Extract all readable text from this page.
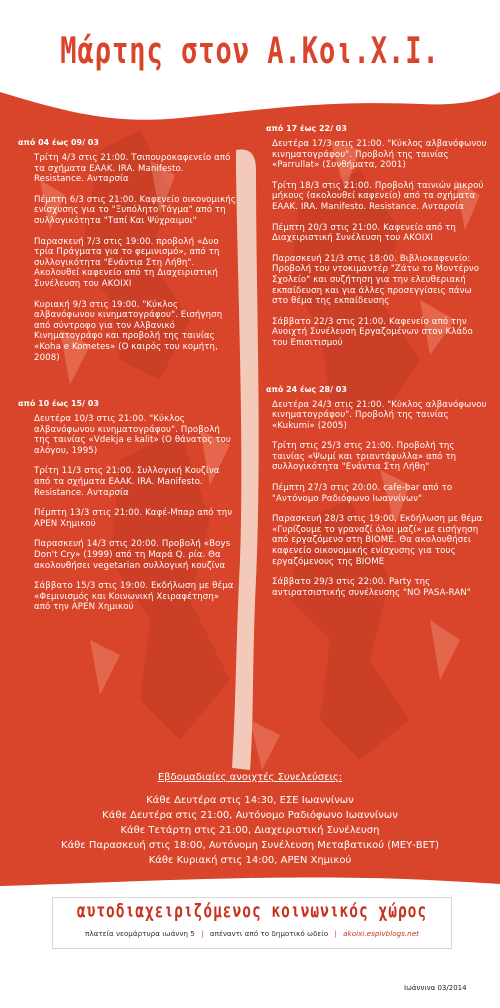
Μάρτης στον Α.Κοι.Χ.Ι.
από 04 έως 09/ 03
Τρίτη 4/3 στις 21:00. Τσιπουροκαφενείο από τα σχήματα ΕΑΑΚ. IRA. Manifesto. Resistance. Ανταρσία
Πέμπτη 6/3 στις 21:00. Καφενείο οικονομικής ενίσχυσης για το "Ξυπόλητο Τάγμα" από τη συλλογικότητα "Ταπί Και Ψύχραιμοι"
Παρασκευή 7/3 στις 19:00. προβολή «Δυο τρία Πράγματα για το φεμινισμό», από τη συλλογικότητα "Ενάντια Στη Λήθη". Ακολουθεί καφενείο από τη Διαχειριστική Συνέλευση του ΑΚΟΙΧΙ
Κυριακή 9/3 στις 19:00. "Κύκλος αλβανόφωνου κινηματογράφου". Εισήγηση από σύντροφο για τον Αλβανικό Κινηματογράφο και προβολή της ταινίας «Koha e Kometes» (Ο καιρός του κομήτη, 2008)
από 10 έως 15/ 03
Δευτέρα 10/3 στις 21:00. "Κύκλος αλβανόφωνου κινηματογράφου". Προβολή της ταινίας «Vdekja e kalit» (Ο θάνατος του αλόγου, 1995)
Τρίτη 11/3 στις 21:00. Συλλογική Κουζίνα από τα σχήματα ΕΑΑΚ. IRA. Manifesto. Resistance. Ανταρσία
Πέμπτη 13/3 στις 21:00. Καφέ-Μπαρ από την ΑΡΕΝ Χημικού
Παρασκευή 14/3 στις 20:00. Προβολή «Boys Don't Cry» (1999) από τη Μαρά Q. ρία. Θα ακολουθήσει vegetarian συλλογική κουζίνα
Σάββατο 15/3 στις 19:00. Εκδήλωση με θέμα «Φεμινισμός και Κοινωνική Χειραφέτηση» από την ΑΡΕΝ Χημικού
από 17 έως 22/ 03
Δευτέρα 17/3 στις 21:00. "Κύκλος αλβανόφωνου κινηματογράφου". Προβολή της ταινίας «Parrullat» (Συνθήματα, 2001)
Τρίτη 18/3 στις 21:00. Προβολή ταινιών μικρού μήκους (ακολουθεί καφενείο) από τα σχήματα ΕΑΑΚ. IRA. Manifesto. Resistance. Ανταρσία
Πέμπτη 20/3 στις 21:00. Καφενείο από τη Διαχειριστική Συνέλευση του ΑΚΟΙΧΙ
Παρασκευή 21/3 στις 18:00. Βιβλιοκαφενείο: Προβολή του ντοκιμαντέρ "Ζάτω το Μοντέρνο Σχολείο" και συζήτηση για την ελευθεριακή εκπαίδευση και για άλλες προσεγγίσεις πάνω στο θέμα της εκπαίδευσης
Σάββατο 22/3 στις 21:00. Καφενείο από την Ανοιχτή Συνέλευση Εργαζομένων στον Κλάδο του Επισιτισμού
από 24 έως 28/ 03
Δευτέρα 24/3 στις 21:00. "Κύκλος αλβανόφωνου κινηματογράφου". Προβολή της ταινίας «Kukumi» (2005)
Τρίτη στις 25/3 στις 21:00. Προβολή της ταινίας «Ψωμί και τριαντάφυλλα» από τη συλλογικότητα "Ενάντια Στη Λήθη"
Πέμπτη 27/3 στις 20:00. cafe-bar από το "Αντόνομο Ραδιόφωνο Ιωαννίνων"
Παρασκευή 28/3 στις 19:00. Εκδήλωση με θέμα «Γυρίζουμε το γραναζί όλοι μαζί» με εισήγηση από εργαζόμενο στη ΒΙΟΜΕ. Θα ακολουθήσει καφενείο οικονομικής ενίσχυσης για τους εργαζόμενους της ΒΙΟΜΕ
Σάββατο 29/3 στις 22:00. Party της αντιρατσιστικής συνέλευσης "NO PASA-RAN"
Εβδομαδιαίες ανοιχτές Συνελεύσεις:
Κάθε Δευτέρα στις 14:30, ΕΣΕ Ιωαννίνων
Κάθε Δευτέρα στις 21:00, Αυτόνομο Ραδιόφωνο Ιωαννίνων
Κάθε Τετάρτη στις 21:00, Διαχειριστική Συνέλευση
Κάθε Παρασκευή στις 18:00, Αυτόνομη Συνέλευση Μεταβατικού (ΜΕΥ-ΒΕΤ)
Κάθε Κυριακή στις 14:00, ΑΡΕΝ Χημικού
αυτοδιαχειριζόμενος κοινωνικός χώρος
πλατεία νεομάρτυρα ιωάννη 5 | απέναντι από το δημοτικό ωδείο | akoixi.espivblogs.net
Ιωάννινα 03/2014
